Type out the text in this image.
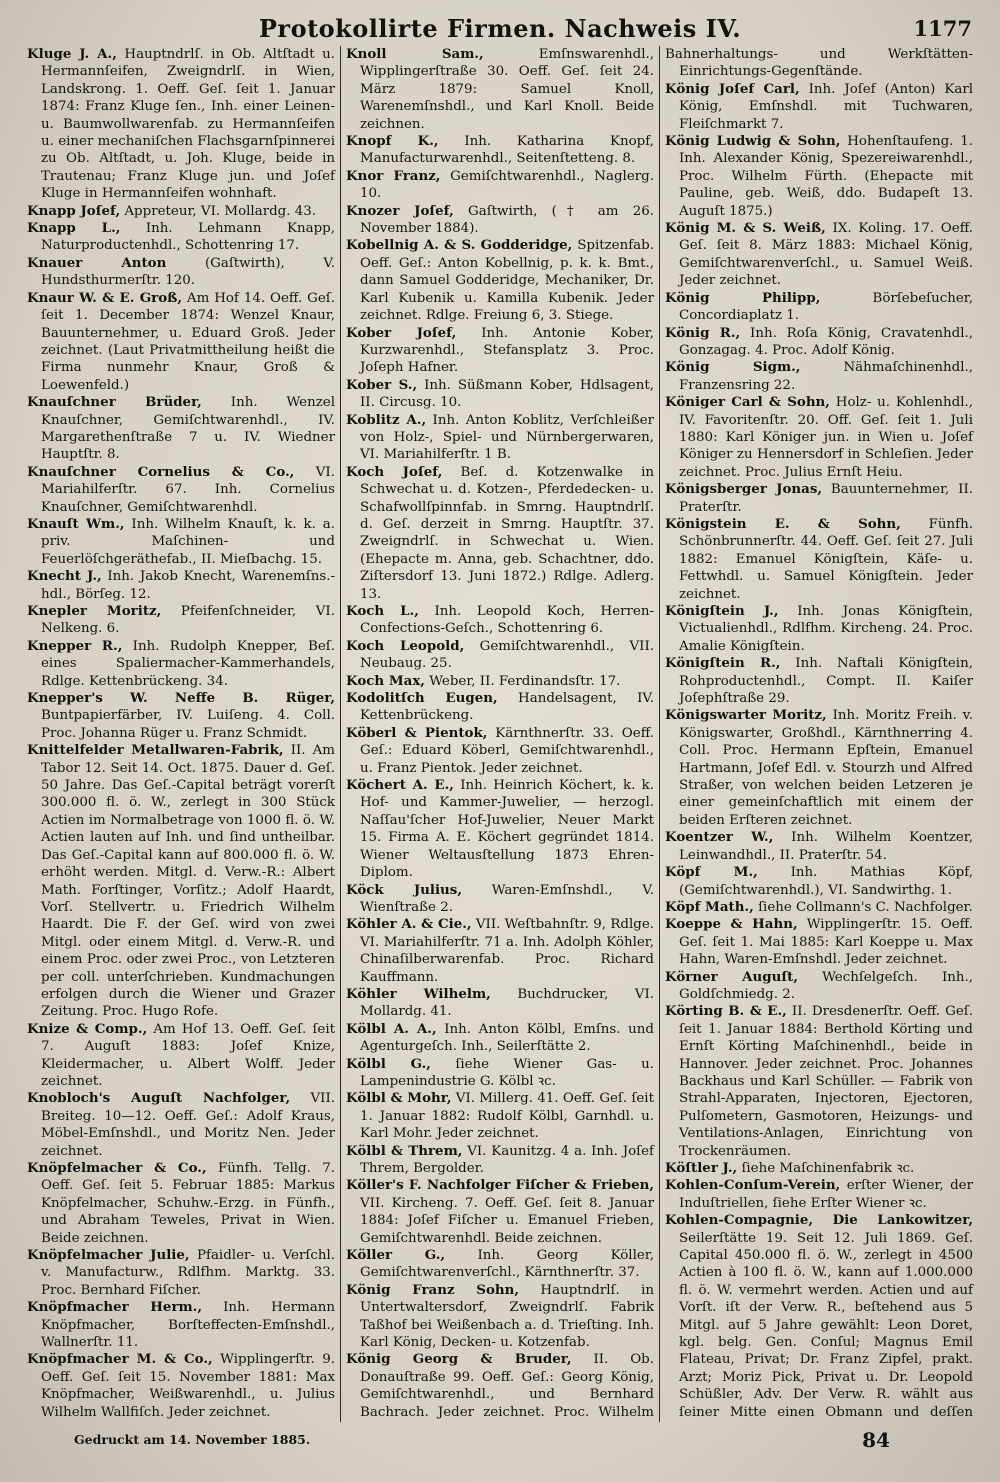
Protokollirte Firmen. Nachweis IV.	1177

Kluge J. A., Hauptndrlſ. in Ob. Altſtadt u. Hermannſeifen, Zweigndrlſ. in Wien, Landskrong. 1. Oeff. Geſ. ſeit 1. Januar 1874: Franz Kluge ſen., Inh. einer Leinen- u. Baumwollwarenfab. zu Hermannſeifen u. einer mechaniſchen Flachsgarnſpinnerei zu Ob. Altſtadt, u. Joh. Kluge, beide in Trautenau; Franz Kluge jun. und Joſef Kluge in Hermannſeifen wohnhaft.

Knapp Joſef, Appreteur, VI. Mollardg. 43.

Knapp L., Inh. Lehmann Knapp, Naturproductenhdl., Schottenring 17.

Knauer Anton	(Gaſtwirth), V. Hundsthurmerſtr. 120.

Knaur W. & E. Groß, Am Hof 14. Oeff. Geſ. ſeit 1. December 1874: Wenzel Knaur, Bauunternehmer, u. Eduard Groß. Jeder zeichnet. (Laut Privatmittheilung heißt die Firma nunmehr Knaur, Groß & Loewenfeld.)

Knauſchner Brüder, Inh. Wenzel Knauſchner, Gemiſchtwarenhdl., IV. Margarethenſtraße 7 u. IV. Wiedner Hauptſtr. 8.

Knauſchner Cornelius & Co., VI. Mariahilferſtr. 67. Inh. Cornelius Knauſchner, Gemiſchtwarenhdl.

Knauſt Wm., Inh. Wilhelm Knauſt, k. k. a. priv. Maſchinen- und Feuerlöſchgeräthefab., II. Mieſbachg. 15.

Knecht J., Inh. Jakob Knecht, Warenemſns.-hdl., Börſeg. 12.

Knepler Moritz, Pfeifenſchneider, VI. Nelkeng. 6.

Knepper R., Inh. Rudolph Knepper, Beſ. eines Spaliermacher-Kammerhandels, Rdlge. Kettenbrückeng. 34.

Knepper's W. Neffe B. Rüger, Buntpapierfärber, IV. Luiſeng. 4. Coll. Proc. Johanna Rüger u. Franz Schmidt.

Knittelfelder Metallwaren-Fabrik, II. Am Tabor 12. Seit 14. Oct. 1875. Dauer d. Geſ. 50 Jahre. Das Geſ.-Capital beträgt vorerſt 300.000 fl. ö. W., zerlegt in 300 Stück Actien im Normalbetrage von 1000 fl. ö. W. Actien lauten auf Inh. und ſind untheilbar. Das Geſ.-Capital kann auf 800.000 fl. ö. W. erhöht werden. Mitgl. d. Verw.-R.: Albert Math. Forſtinger, Vorſitz.; Adolf Haardt, Vorſ. Stellvertr. u. Friedrich Wilhelm Haardt. Die F. der Geſ. wird von zwei Mitgl. oder einem Mitgl. d. Verw.-R. und einem Proc. oder zwei Proc., von Letzteren per coll. unterſchrieben. Kundmachungen erfolgen durch die Wiener und Grazer Zeitung. Proc. Hugo Rofe.

Knize & Comp., Am Hof 13. Oeff. Geſ. ſeit 7. Auguſt 1883: Joſef Knize, Kleidermacher, u. Albert Wolff. Jeder zeichnet.

Knobloch's Auguſt Nachfolger, VII. Breiteg. 10—12. Oeff. Geſ.: Adolf Kraus, Möbel-Emſnshdl., und Moritz Nen. Jeder zeichnet.

Knöpfelmacher & Co., Fünfh. Tellg. 7. Oeff. Geſ. ſeit 5. Februar 1885: Markus Knöpfelmacher, Schuhw.-Erzg. in Fünfh., und Abraham Teweles, Privat in Wien. Beide zeichnen.

Knöpfelmacher Julie, Pfaidler- u. Verſchl. v. Manufacturw., Rdlfhm. Marktg. 33. Proc. Bernhard Fiſcher.

Knöpfmacher Herm., Inh. Hermann Knöpfmacher, Borſteffecten-Emſnshdl., Wallnerſtr. 11.

Knöpfmacher M. & Co., Wipplingerſtr. 9. Oeff. Geſ. ſeit 15. November 1881: Max Knöpfmacher, Weißwarenhdl., u. Julius Wilhelm Wallfiſch. Jeder zeichnet.

Knoll Sam.,	Emſnswarenhdl., Wipplingerſtraße 30. Oeff. Geſ. ſeit 24. März 1879: Samuel Knoll, Warenemſnshdl., und Karl Knoll. Beide zeichnen.

Knopf K., Inh. Katharina Knopf, Manufacturwarenhdl., Seitenſtetteng. 8.

Knor Franz, Gemiſchtwarenhdl., Naglerg. 10.

Knozer Joſef, Gaſtwirth, († am 26. November 1884).

Kobellnig A. & S. Godderidge, Spitzenfab. Oeff. Geſ.: Anton Kobellnig, p. k. k. Bmt., dann Samuel Godderidge, Mechaniker, Dr. Karl Kubenik u. Kamilla Kubenik. Jeder zeichnet. Rdlge. Freiung 6, 3. Stiege.

Kober Joſef, Inh. Antonie Kober, Kurzwarenhdl., Stefansplatz 3. Proc. Joſeph Hafner.

Kober S., Inh. Süßmann Kober, Hdlsagent, II. Circusg. 10.

Koblitz A., Inh. Anton Koblitz, Verſchleißer von Holz-, Spiel- und Nürnbergerwaren, VI. Mariahilferſtr. 1 B.

Koch Joſef, Beſ. d. Kotzenwalke in Schwechat u. d. Kotzen-, Pferdedecken- u. Schafwollſpinnfab. in Smrng. Hauptndrlſ. d. Geſ. derzeit in Smrng. Hauptſtr. 37. Zweigndrlſ. in Schwechat u. Wien. (Ehepacte m. Anna, geb. Schachtner, ddo. Ziſtersdorf 13. Juni 1872.) Rdlge. Adlerg. 13.

Koch L., Inh. Leopold Koch, Herren-Confections-Geſch., Schottenring 6.

Koch Leopold, Gemiſchtwarenhdl., VII. Neubaug. 25.

Koch Max, Weber, II. Ferdinandsſtr. 17.

Kodolitſch Eugen, Handelsagent, IV. Kettenbrückeng.

Köberl & Pientok, Kärnthnerſtr. 33. Oeff. Geſ.: Eduard Köberl, Gemiſchtwarenhdl., u. Franz Pientok. Jeder zeichnet.

Köchert A. E., Inh. Heinrich Köchert, k. k. Hof- und Kammer-Juwelier, — herzogl. Naſſau'ſcher Hof-Juwelier, Neuer Markt 15. Firma A. E. Köchert gegründet 1814. Wiener Weltausſtellung 1873 Ehren-Diplom.

Köck Julius, Waren-Emſnshdl., V. Wienſtraße 2.

Köhler A. & Cie., VII. Weſtbahnſtr. 9, Rdlge. VI. Mariahilferſtr. 71 a. Inh. Adolph Köhler, Chinaſilberwarenfab. Proc. Richard Kauffmann.

Köhler Wilhelm, Buchdrucker, VI. Mollardg. 41.

Kölbl A. A., Inh. Anton Kölbl, Emſns. und Agenturgeſch. Inh., Seilerſtätte 2.

Kölbl G., ſiehe Wiener Gas- u. Lampenindustrie G. Kölbl ꝛc.

Kölbl & Mohr, VI. Millerg. 41. Oeff. Geſ. ſeit 1. Januar 1882: Rudolf Kölbl, Garnhdl. u. Karl Mohr. Jeder zeichnet.

Kölbl & Threm, VI. Kaunitzg. 4 a. Inh. Joſef Threm, Bergolder.

Köller's F. Nachfolger Fiſcher & Frieben, VII. Kircheng. 7. Oeff. Geſ. ſeit 8. Januar 1884: Joſef Fiſcher u. Emanuel Frieben, Gemiſchtwarenhdl. Beide zeichnen.

Köller G., Inh. Georg Köller, Gemiſchtwarenverſchl., Kärnthnerſtr. 37.

König Franz Sohn, Hauptndrlſ. in Untertwaltersdorf, Zweigndrlſ. Fabrik Taßhof bei Weißenbach a. d. Trieſting. Inh. Karl König, Decken- u. Kotzenfab.

König Georg & Bruder, II. Ob. Donauſtraße 99. Oeff. Geſ.: Georg König, Gemiſchtwarenhdl., und Bernhard Bachrach. Jeder zeichnet. Proc. Wilhelm

Bahnerhaltungs- und Werkſtätten-Einrichtungs-Gegenſtände.

König Joſef Carl, Inh. Joſef (Anton) Karl König, Emſnshdl. mit Tuchwaren, Fleiſchmarkt 7.

König Ludwig & Sohn, Hohenſtaufeng. 1. Inh. Alexander König, Spezereiwarenhdl., Proc. Wilhelm Fürth. (Ehepacte mit Pauline, geb. Weiß, ddo. Budapeſt 13. Auguſt 1875.)

König M. & S. Weiß, IX. Koling. 17. Oeff. Geſ. ſeit 8. März 1883: Michael König, Gemiſchtwarenverſchl., u. Samuel Weiß. Jeder zeichnet.

König Philipp,	Börſebeſucher, Concordiaplatz 1.

König R., Inh. Roſa König, Cravatenhdl., Gonzagag. 4. Proc. Adolf König.

König Sigm.,	Nähmaſchinenhdl., Franzensring 22.

Königer Carl & Sohn, Holz- u. Kohlenhdl., IV. Favoritenſtr. 20. Off. Geſ. ſeit 1. Juli 1880: Karl Königer jun. in Wien u. Joſef Königer zu Hennersdorf in Schleſien. Jeder zeichnet. Proc. Julius Ernſt Heiu.

Königsberger Jonas, Bauunternehmer, II. Praterſtr.

Königstein E. & Sohn, Fünfh. Schönbrunnerſtr. 44. Oeff. Geſ. ſeit 27. Juli 1882: Emanuel Königſtein, Käſe- u. Fettwhdl. u. Samuel Königſtein. Jeder zeichnet.

Königſtein J., Inh. Jonas Königſtein, Victualienhdl., Rdlfhm. Kircheng. 24. Proc. Amalie Königſtein.

Königſtein R., Inh. Naftali Königſtein, Rohproductenhdl., Compt. II. Kaiſer Joſephſtraße 29.

Königswarter Moritz, Inh. Moritz Freih. v. Königswarter, Großhdl., Kärnthnerring 4. Coll. Proc. Hermann Epſtein, Emanuel Hartmann, Joſef Edl. v. Stourzh und Alfred Straßer, von welchen beiden Letzeren je einer gemeinſchaftlich mit einem der beiden Erſteren zeichnet.

Koentzer W., Inh. Wilhelm Koentzer, Leinwandhdl., II. Praterſtr. 54.

Köpf M., Inh. Mathias Köpf, (Gemiſchtwarenhdl.), VI. Sandwirthg. 1.

Köpf Math., ſiehe Collmann's C. Nachfolger.

Koeppe & Hahn, Wipplingerſtr. 15. Oeff. Geſ. ſeit 1. Mai 1885: Karl Koeppe u. Max Hahn, Waren-Emſnshdl. Jeder zeichnet.

Körner Auguſt, Wechſelgeſch. Inh., Goldſchmiedg. 2.

Körting B. & E., II. Dresdenerſtr. Oeff. Geſ. ſeit 1. Januar 1884: Berthold Körting und Ernſt Körting Maſchinenhdl., beide in Hannover. Jeder zeichnet. Proc. Johannes Backhaus und Karl Schüller. — Fabrik von Strahl-Apparaten, Injectoren, Ejectoren, Pulſometern, Gasmotoren, Heizungs- und Ventilations-Anlagen, Einrichtung von Trockenräumen.

Köſtler J., ſiehe Maſchinenfabrik ꝛc.

Kohlen-Conſum-Verein, erſter Wiener, der Induſtriellen, ſiehe Erſter Wiener ꝛc.

Kohlen-Compagnie, Die Lankowitzer, Seilerſtätte 19. Seit 12. Juli 1869. Geſ. Capital 450.000 fl. ö. W., zerlegt in 4500 Actien à 100 fl. ö. W., kann auf 1.000.000 fl. ö. W. vermehrt werden. Actien und auf Vorſt. iſt der Verw. R., beſtehend aus 5 Mitgl. auf 5 Jahre gewählt: Leon Doret, kgl. belg. Gen. Conſul; Magnus Emil Flateau, Privat; Dr. Franz Zipfel, prakt. Arzt; Moriz Pick, Privat u. Dr. Leopold Schüßler, Adv. Der Verw. R. wählt aus ſeiner Mitte einen Obmann und deſſen

Gedruckt am 14. November 1885.	84
